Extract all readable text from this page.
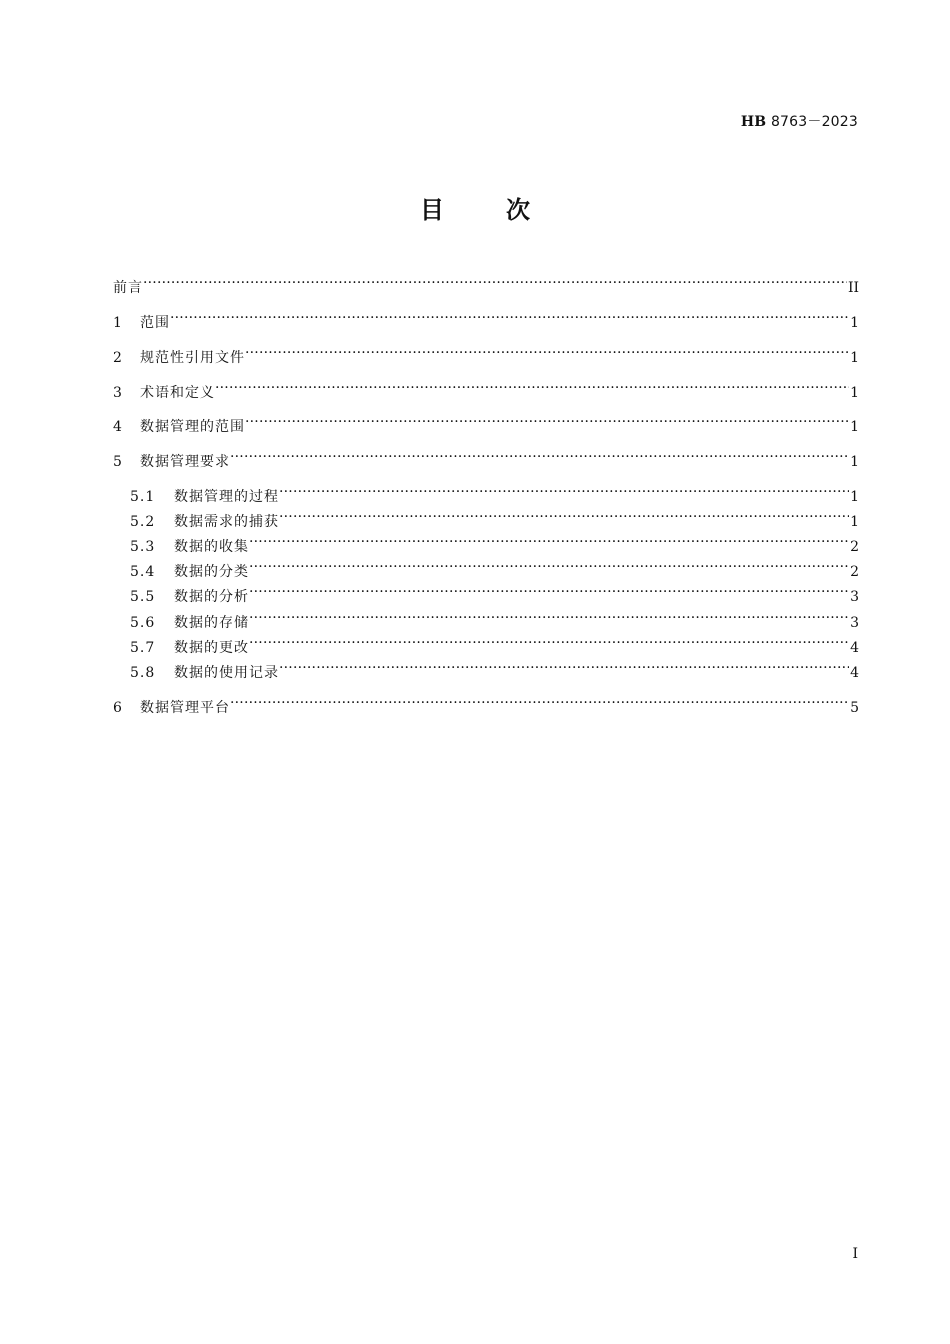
HB 8763－2023
目	次
前言 ·····	II
1	范围 ·····	1
2	规范性引用文件 ·····	1
3	术语和定义 ·····	1
4	数据管理的范围 ·····	1
5	数据管理要求 ·····	1
5.1	数据管理的过程 ·····	1
5.2	数据需求的捕获 ·····	1
5.3	数据的收集 ·····	2
5.4	数据的分类 ·····	2
5.5	数据的分析 ·····	3
5.6	数据的存储 ·····	3
5.7	数据的更改 ·····	4
5.8	数据的使用记录 ·····	4
6	数据管理平台 ·····	5
I
